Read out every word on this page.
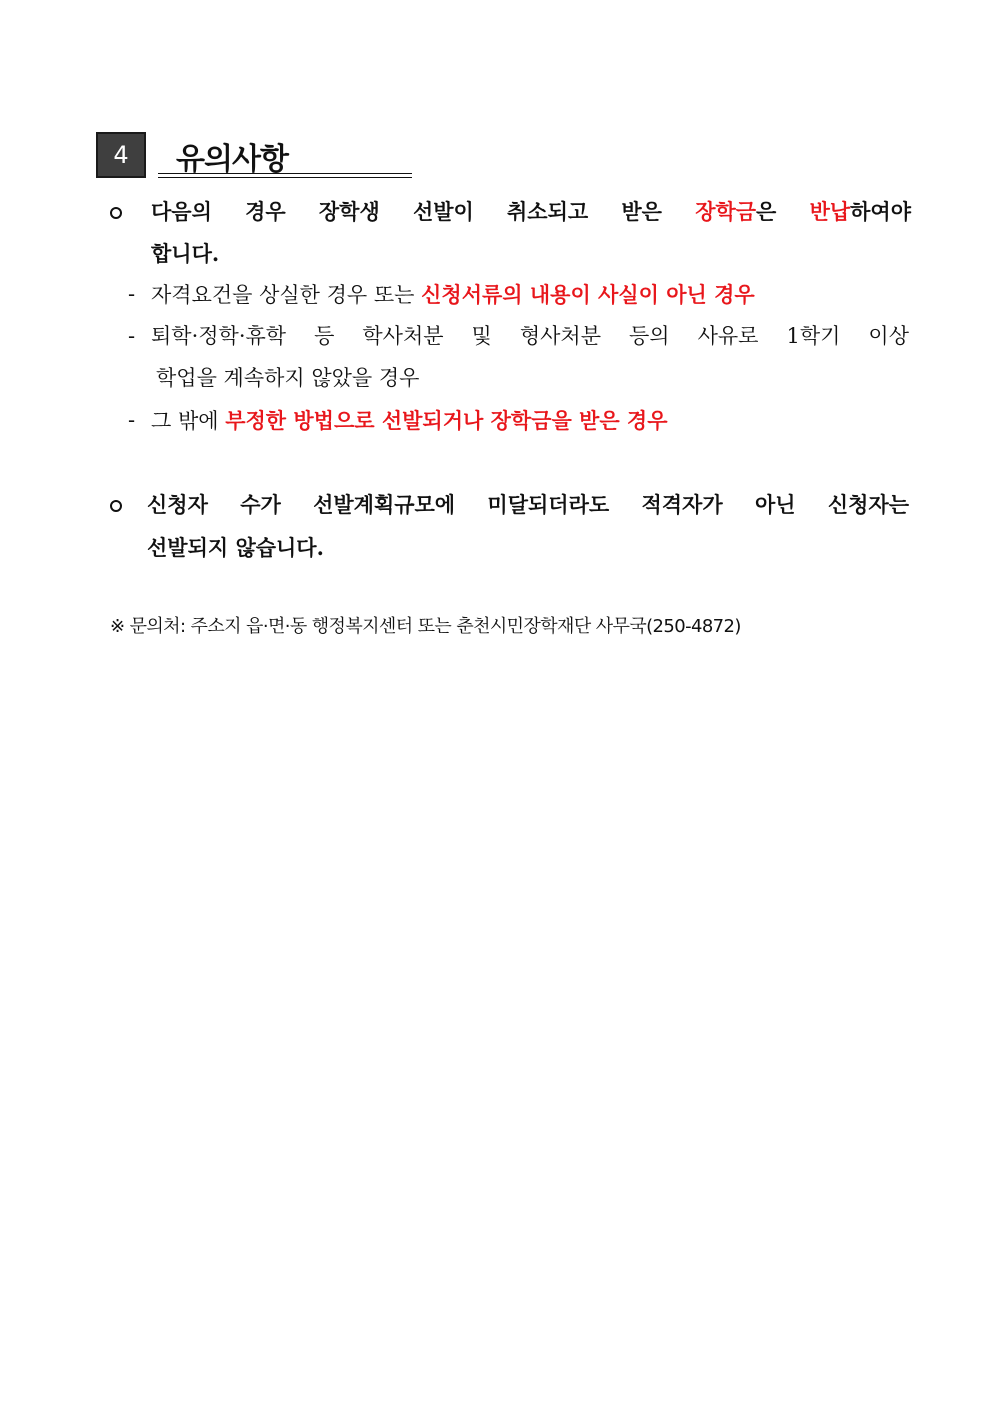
4	유의사항
다음의 경우 장학생 선발이 취소되고 받은 장학금은 반납하여야
합니다.
- 자격요건을 상실한 경우 또는 신청서류의 내용이 사실이 아닌 경우
- 퇴학·정학·휴학 등 학사처분 및 형사처분 등의 사유로 1학기 이상
학업을 계속하지 않았을 경우
- 그 밖에 부정한 방법으로 선발되거나 장학금을 받은 경우
신청자 수가 선발계획규모에 미달되더라도 적격자가 아닌 신청자는
선발되지 않습니다.
※ 문의처: 주소지 읍·면·동 행정복지센터 또는 춘천시민장학재단 사무국(250-4872)
